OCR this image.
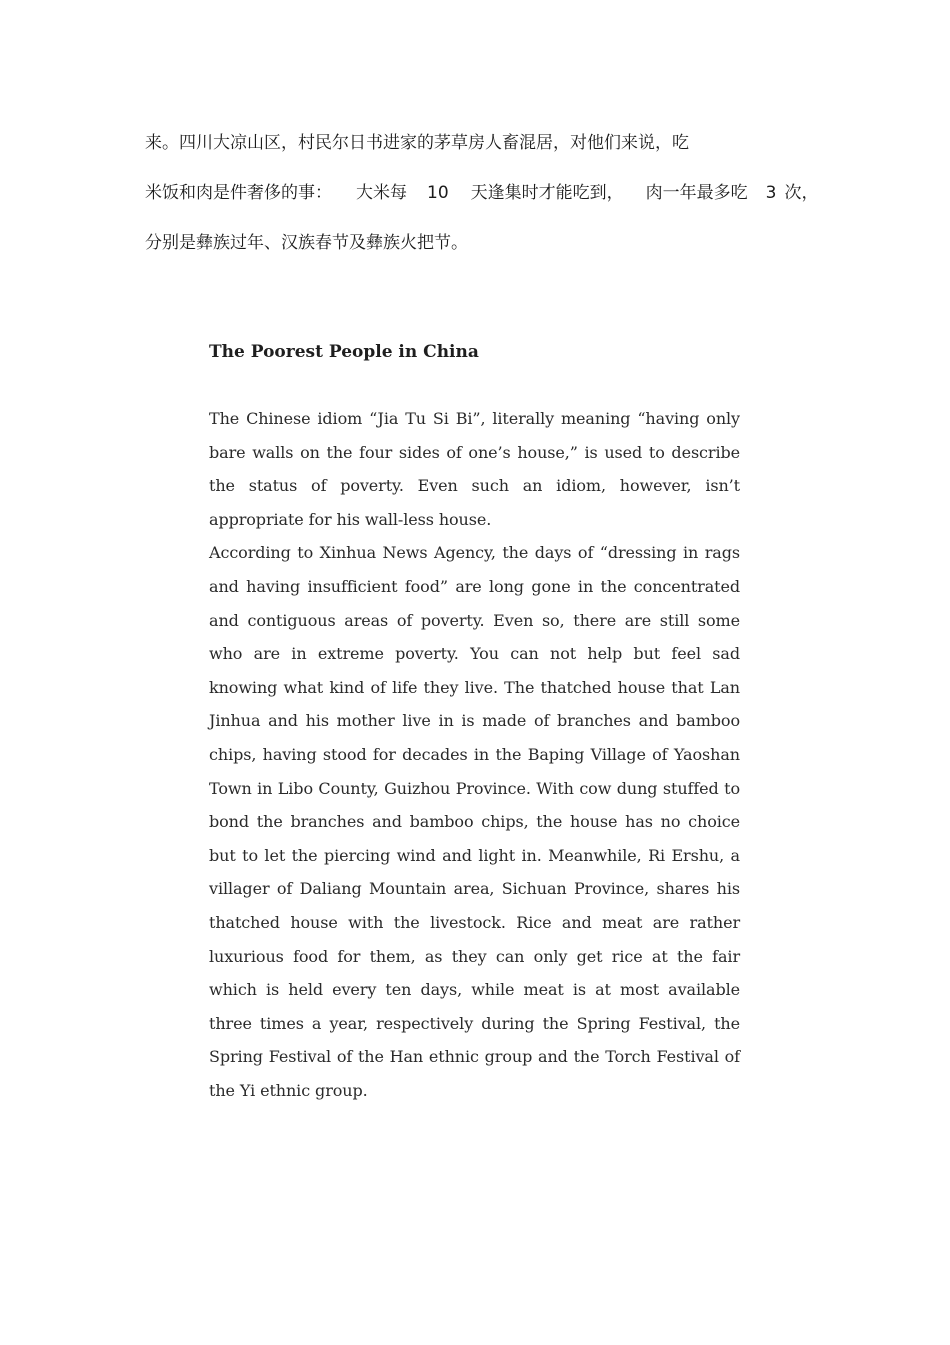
来。四川大凉山区，村民尔日书进家的茅草房人畜混居，对他们来说，吃
米饭和肉是件奢侈的事： 大米每 10 天逢集时才能吃到， 肉一年最多吃 3 次，
分别是彝族过年、汉族春节及彝族火把节。
The Poorest People in China

The Chinese idiom “Jia Tu Si Bi”, literally meaning “having only bare walls on the four sides of one’s house,” is used to describe the status of poverty. Even such an idiom, however, isn’t appropriate for his wall-less house.

According to Xinhua News Agency, the days of “dressing in rags and having insufficient food” are long gone in the concentrated and contiguous areas of poverty. Even so, there are still some who are in extreme poverty. You can not help but feel sad knowing what kind of life they live. The thatched house that Lan Jinhua and his mother live in is made of branches and bamboo chips, having stood for decades in the Baping Village of Yaoshan Town in Libo County, Guizhou Province. With cow dung stuffed to bond the branches and bamboo chips, the house has no choice but to let the piercing wind and light in. Meanwhile, Ri Ershu, a villager of Daliang Mountain area, Sichuan Province, shares his thatched house with the livestock. Rice and meat are rather luxurious food for them, as they can only get rice at the fair which is held every ten days, while meat is at most available three times a year, respectively during the Spring Festival, the Spring Festival of the Han ethnic group and the Torch Festival of the Yi ethnic group.
